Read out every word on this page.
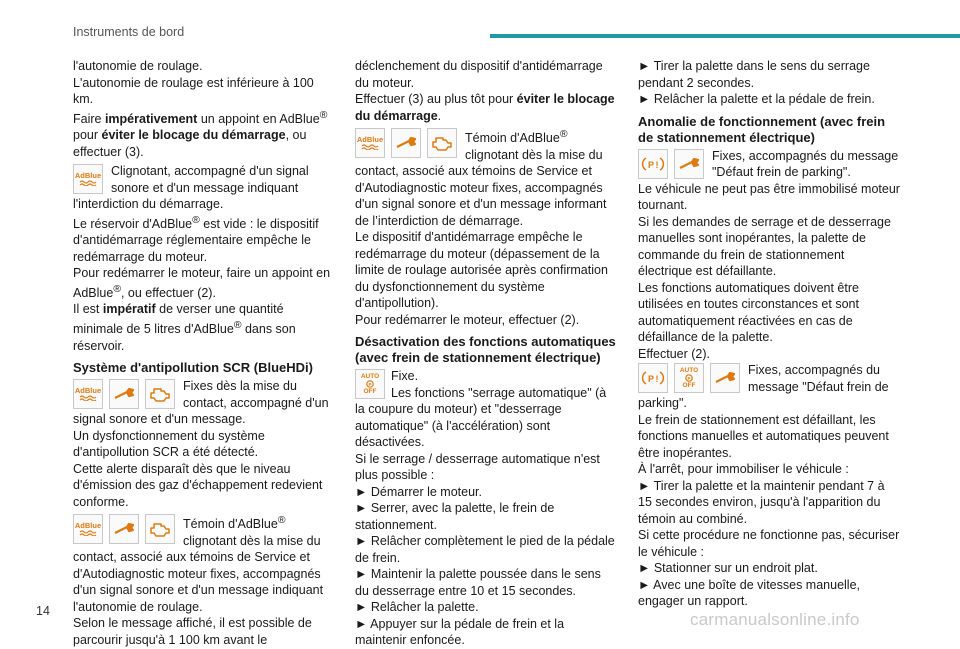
Instruments de bord

l'autonomie de roulage.
L'autonomie de roulage est inférieure à 100 km.
Faire impérativement un appoint en AdBlue® pour éviter le blocage du démarrage, ou effectuer (3).

AdBlue Clignotant, accompagné d'un signal sonore et d'un message indiquant l'interdiction du démarrage.

Le réservoir d'AdBlue® est vide : le dispositif d'antidémarrage réglementaire empêche le redémarrage du moteur.

Pour redémarrer le moteur, faire un appoint en AdBlue®, ou effectuer (2).

Il est impératif de verser une quantité minimale de 5 litres d'AdBlue® dans son réservoir.

Système d'antipollution SCR (BlueHDi)
AdBlue	Fixes dès la mise du contact, accompagné d'un signal sonore et d'un message.

Un dysfonctionnement du système d'antipollution SCR a été détecté.

Cette alerte disparaît dès que le niveau d'émission des gaz d'échappement redevient conforme.

AdBlue	Témoin d'AdBlue® clignotant dès la mise du contact, associé aux témoins de Service et d'Autodiagnostic moteur fixes, accompagnés d'un signal sonore et d'un message indiquant l'autonomie de roulage.

Selon le message affiché, il est possible de parcourir jusqu'à 1 100 km avant le

déclenchement du dispositif d'antidémarrage du moteur.

Effectuer (3) au plus tôt pour éviter le blocage du démarrage.

AdBlue	Témoin d'AdBlue® clignotant dès la mise du contact, associé aux témoins de Service et d'Autodiagnostic moteur fixes, accompagnés d'un signal sonore et d'un message informant de l’interdiction de démarrage.

Le dispositif d'antidémarrage empêche le redémarrage du moteur (dépassement de la limite de roulage autorisée après confirmation du dysfonctionnement du système d'antipollution).

Pour redémarrer le moteur, effectuer (2).

Désactivation des fonctions automatiques (avec frein de stationnement électrique)
AUTO
P
OFF

Fixe.

Les fonctions "serrage automatique" (à la coupure du moteur) et "desserrage automatique" (à l'accélération) sont désactivées.

Si le serrage / desserrage automatique n'est plus possible :

► Démarrer le moteur.

► Serrer, avec la palette, le frein de stationnement.

► Relâcher complètement le pied de la pédale de frein.

► Maintenir la palette poussée dans le sens du desserrage entre 10 et 15 secondes.

► Relâcher la palette.

► Appuyer sur la pédale de frein et la maintenir enfoncée.

► Tirer la palette dans le sens du serrage pendant 2 secondes.

► Relâcher la palette et la pédale de frein.

Anomalie de fonctionnement (avec frein de stationnement électrique)
P !

Fixes, accompagnés du message "Défaut frein de parking".

Le véhicule ne peut pas être immobilisé moteur tournant.

Si les demandes de serrage et de desserrage manuelles sont inopérantes, la palette de commande du frein de stationnement électrique est défaillante.

Les fonctions automatiques doivent être utilisées en toutes circonstances et sont automatiquement réactivées en cas de défaillance de la palette.

Effectuer (2).

P !
AUTO
P
OFF

Fixes, accompagnés du message "Défaut frein de parking".

Le frein de stationnement est défaillant, les fonctions manuelles et automatiques peuvent être inopérantes.

À l'arrêt, pour immobiliser le véhicule :

► Tirer la palette et la maintenir pendant 7 à 15 secondes environ, jusqu'à l'apparition du témoin au combiné.

Si cette procédure ne fonctionne pas, sécuriser le véhicule :

► Stationner sur un endroit plat.

► Avec une boîte de vitesses manuelle, engager un rapport.

14	carmanualsonline.info
